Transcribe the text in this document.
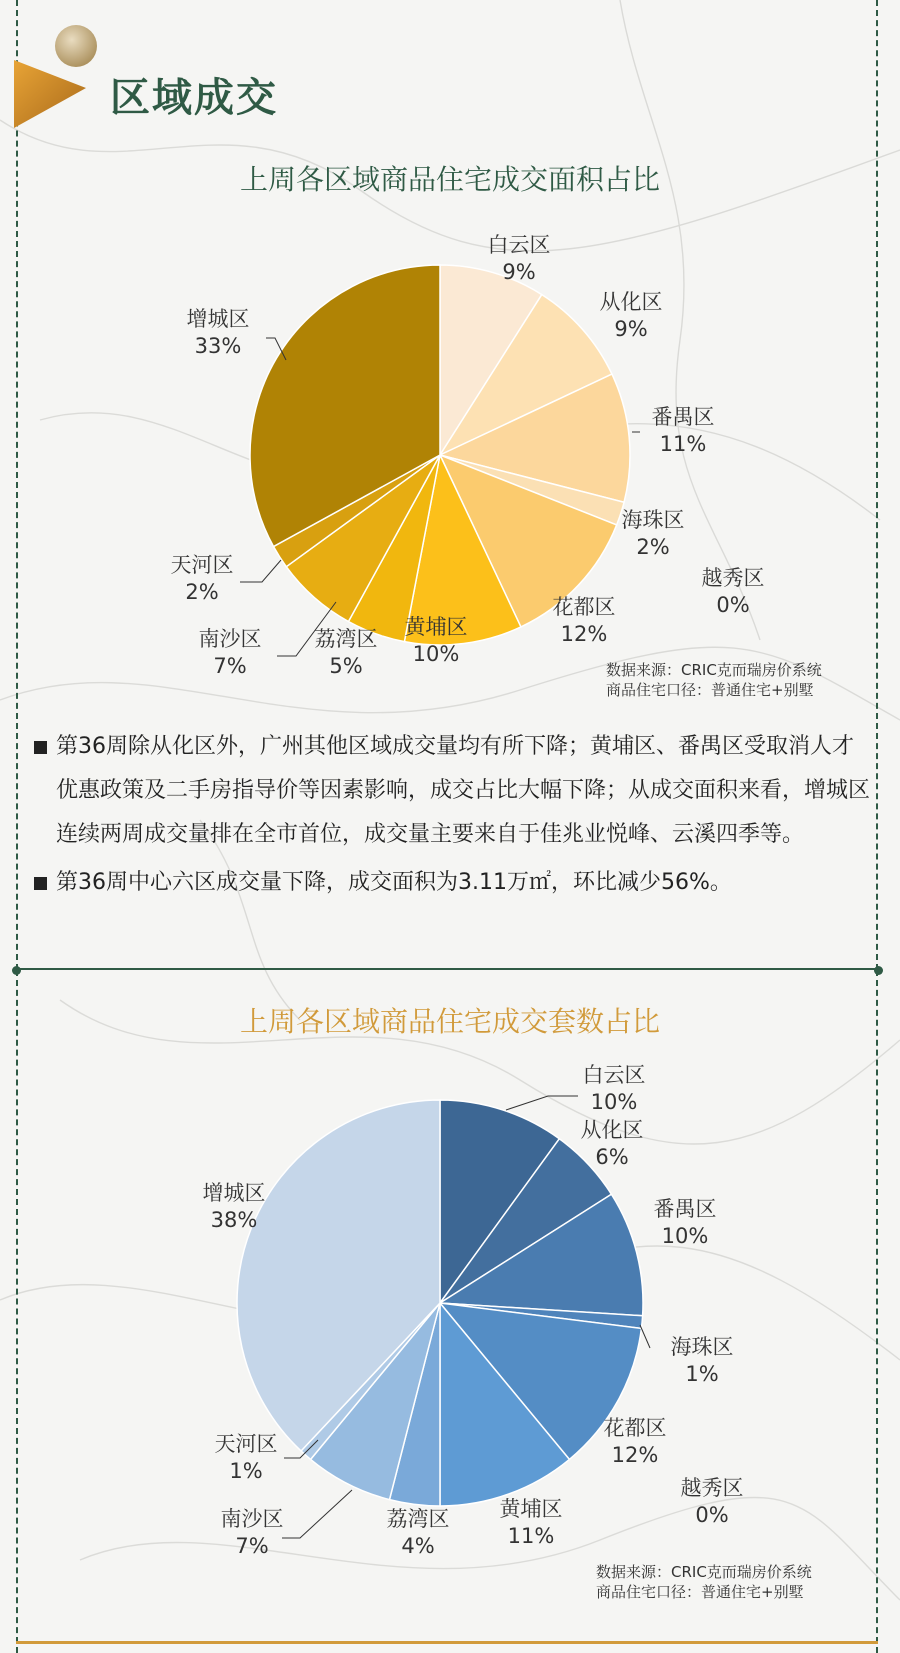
区域成交
上周各区域商品住宅成交面积占比
白云区
9%
从化区
9%
番禺区
11%
海珠区
2%
花都区
12%
越秀区
0%
黄埔区
10%
荔湾区
5%
南沙区
7%
天河区
2%
增城区
33%

数据来源：CRIC克而瑞房价系统
商品住宅口径：普通住宅+别墅

第36周除从化区外，广州其他区域成交量均有所下降；黄埔区、番禺区受取消人才优惠政策及二手房指导价等因素影响，成交占比大幅下降；从成交面积来看，增城区连续两周成交量排在全市首位，成交量主要来自于佳兆业悦峰、云溪四季等。

第36周中心六区成交量下降，成交面积为3.11万㎡，环比减少56%。

上周各区域商品住宅成交套数占比
白云区
10%
从化区
6%
番禺区
10%
海珠区
1%
花都区
12%
越秀区
0%
黄埔区
11%
荔湾区
4%
南沙区
7%
天河区
1%
增城区
38%

数据来源：CRIC克而瑞房价系统
商品住宅口径：普通住宅+别墅
